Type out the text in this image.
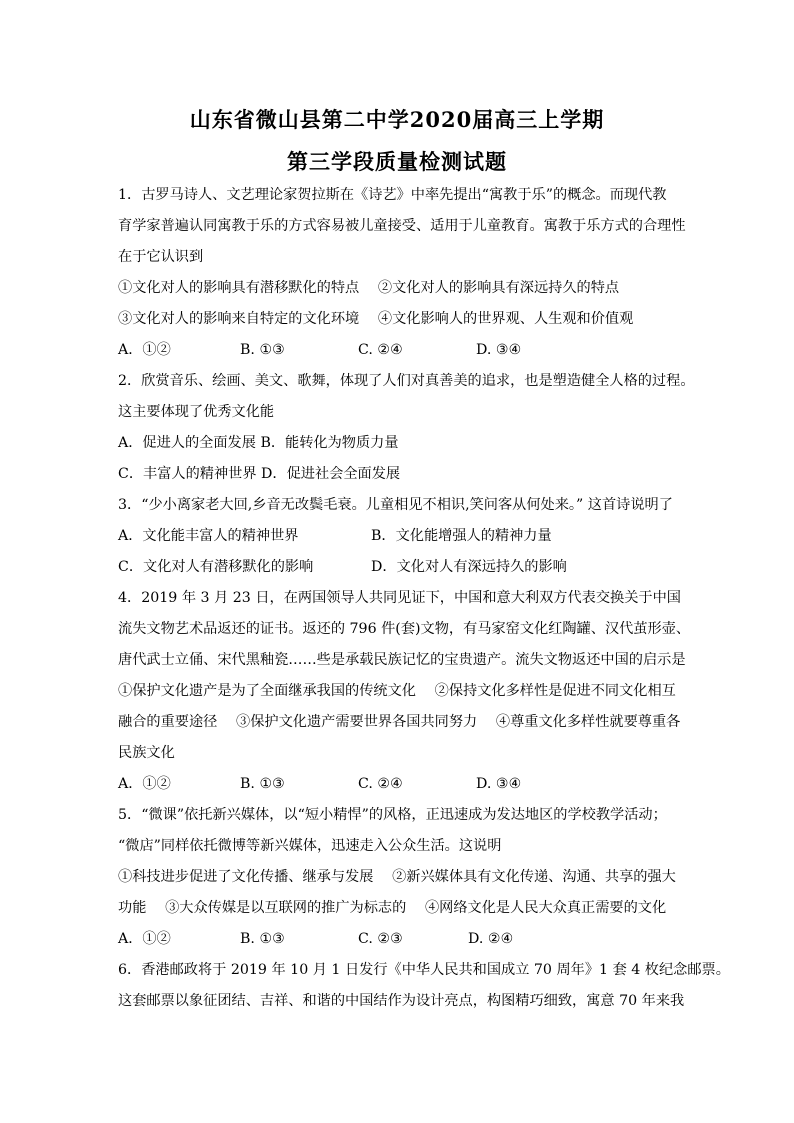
山东省微山县第二中学2020届高三上学期
第三学段质量检测试题
1．古罗马诗人、文艺理论家贺拉斯在《诗艺》中率先提出“寓教于乐”的概念。而现代教
育学家普遍认同寓教于乐的方式容易被儿童接受、适用于儿童教育。寓教于乐方式的合理性
在于它认识到
①文化对人的影响具有潜移默化的特点　 ②文化对人的影响具有深远持久的特点
③文化对人的影响来自特定的文化环境　 ④文化影响人的世界观、人生观和价值观
A．①②	B. ①③	C. ②④	D. ③④
2．欣赏音乐、绘画、美文、歌舞，体现了人们对真善美的追求，也是塑造健全人格的过程。
这主要体现了优秀文化能
A．促进人的全面发展 B．能转化为物质力量
C．丰富人的精神世界 D．促进社会全面发展
3．“少小离家老大回,乡音无改鬓毛衰。儿童相见不相识,笑问客从何处来。” 这首诗说明了
A．文化能丰富人的精神世界	B．文化能增强人的精神力量
C．文化对人有潜移默化的影响	D．文化对人有深远持久的影响
4．2019 年 3 月 23 日，在两国领导人共同见证下，中国和意大利双方代表交换关于中国
流失文物艺术品返还的证书。返还的 796 件(套)文物，有马家窑文化红陶罐、汉代茧形壶、
唐代武士立俑、宋代黑釉瓷……些是承载民族记忆的宝贵遗产。流失文物返还中国的启示是
①保护文化遗产是为了全面继承我国的传统文化　 ②保持文化多样性是促进不同文化相互
融合的重要途径　 ③保护文化遗产需要世界各国共同努力　 ④尊重文化多样性就要尊重各
民族文化
A．①②	B. ①③	C. ②④	D. ③④
5．“微课”依托新兴媒体，以“短小精悍”的风格，正迅速成为发达地区的学校教学活动；
“微店”同样依托微博等新兴媒体，迅速走入公众生活。这说明
①科技进步促进了文化传播、继承与发展　 ②新兴媒体具有文化传递、沟通、共享的强大
功能　 ③大众传媒是以互联网的推广为标志的　 ④网络文化是人民大众真正需要的文化
A．①②	B. ①③	C. ②③	D. ②④
6．香港邮政将于 2019 年 10 月 1 日发行《中华人民共和国成立 70 周年》1 套 4 枚纪念邮票。
这套邮票以象征团结、吉祥、和谐的中国结作为设计亮点，构图精巧细致，寓意 70 年来我
